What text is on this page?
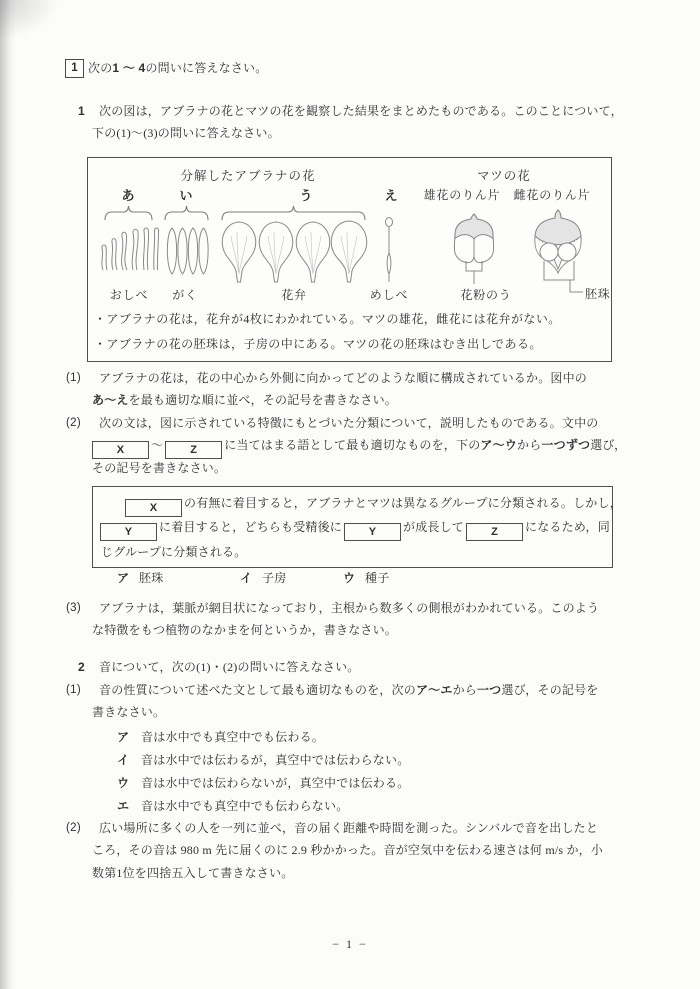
1 次の1 〜 4の問いに答えなさい。
1 次の図は，アブラナの花とマツの花を観察した結果をまとめたものである。このことについて，
下の(1)〜(3)の問いに答えなさい。
分解したアブラナの花	マツの花
あ	い	う	え 雄花のりん片 雌花のりん片
おしべ がく	花弁	めしべ	花粉のう	胚珠
・アブラナの花は，花弁が4枚にわかれている。マツの雄花，雌花には花弁がない。
・アブラナの花の胚珠は，子房の中にある。マツの花の胚珠はむき出しである。
(1) アブラナの花は，花の中心から外側に向かってどのような順に構成されているか。図中の
あ〜えを最も適切な順に並べ，その記号を書きなさい。
(2) 次の文は，図に示されている特徴にもとづいた分類について，説明したものである。文中の
X 〜 Z に当てはまる語として最も適切なものを，下のア〜ウから一つずつ選び，
その記号を書きなさい。
X の有無に着目すると，アブラナとマツは異なるグループに分類される。しかし，
Y に着目すると，どちらも受精後に Y が成長して Z になるため，同
じグループに分類される。
ア 胚珠	イ 子房	ウ 種子
(3) アブラナは，葉脈が網目状になっており，主根から数多くの側根がわかれている。このよう
な特徴をもつ植物のなかまを何というか，書きなさい。
2 音について，次の(1)・(2)の問いに答えなさい。
(1) 音の性質について述べた文として最も適切なものを，次のア〜エから一つ選び，その記号を
書きなさい。
ア 音は水中でも真空中でも伝わる。
イ 音は水中では伝わるが，真空中では伝わらない。
ウ 音は水中では伝わらないが，真空中では伝わる。
エ 音は水中でも真空中でも伝わらない。
(2) 広い場所に多くの人を一列に並べ，音の届く距離や時間を測った。シンバルで音を出したと
ころ，その音は 980 m 先に届くのに 2.9 秒かかった。音が空気中を伝わる速さは何 m/s か，小
数第1位を四捨五入して書きなさい。
− 1 −
